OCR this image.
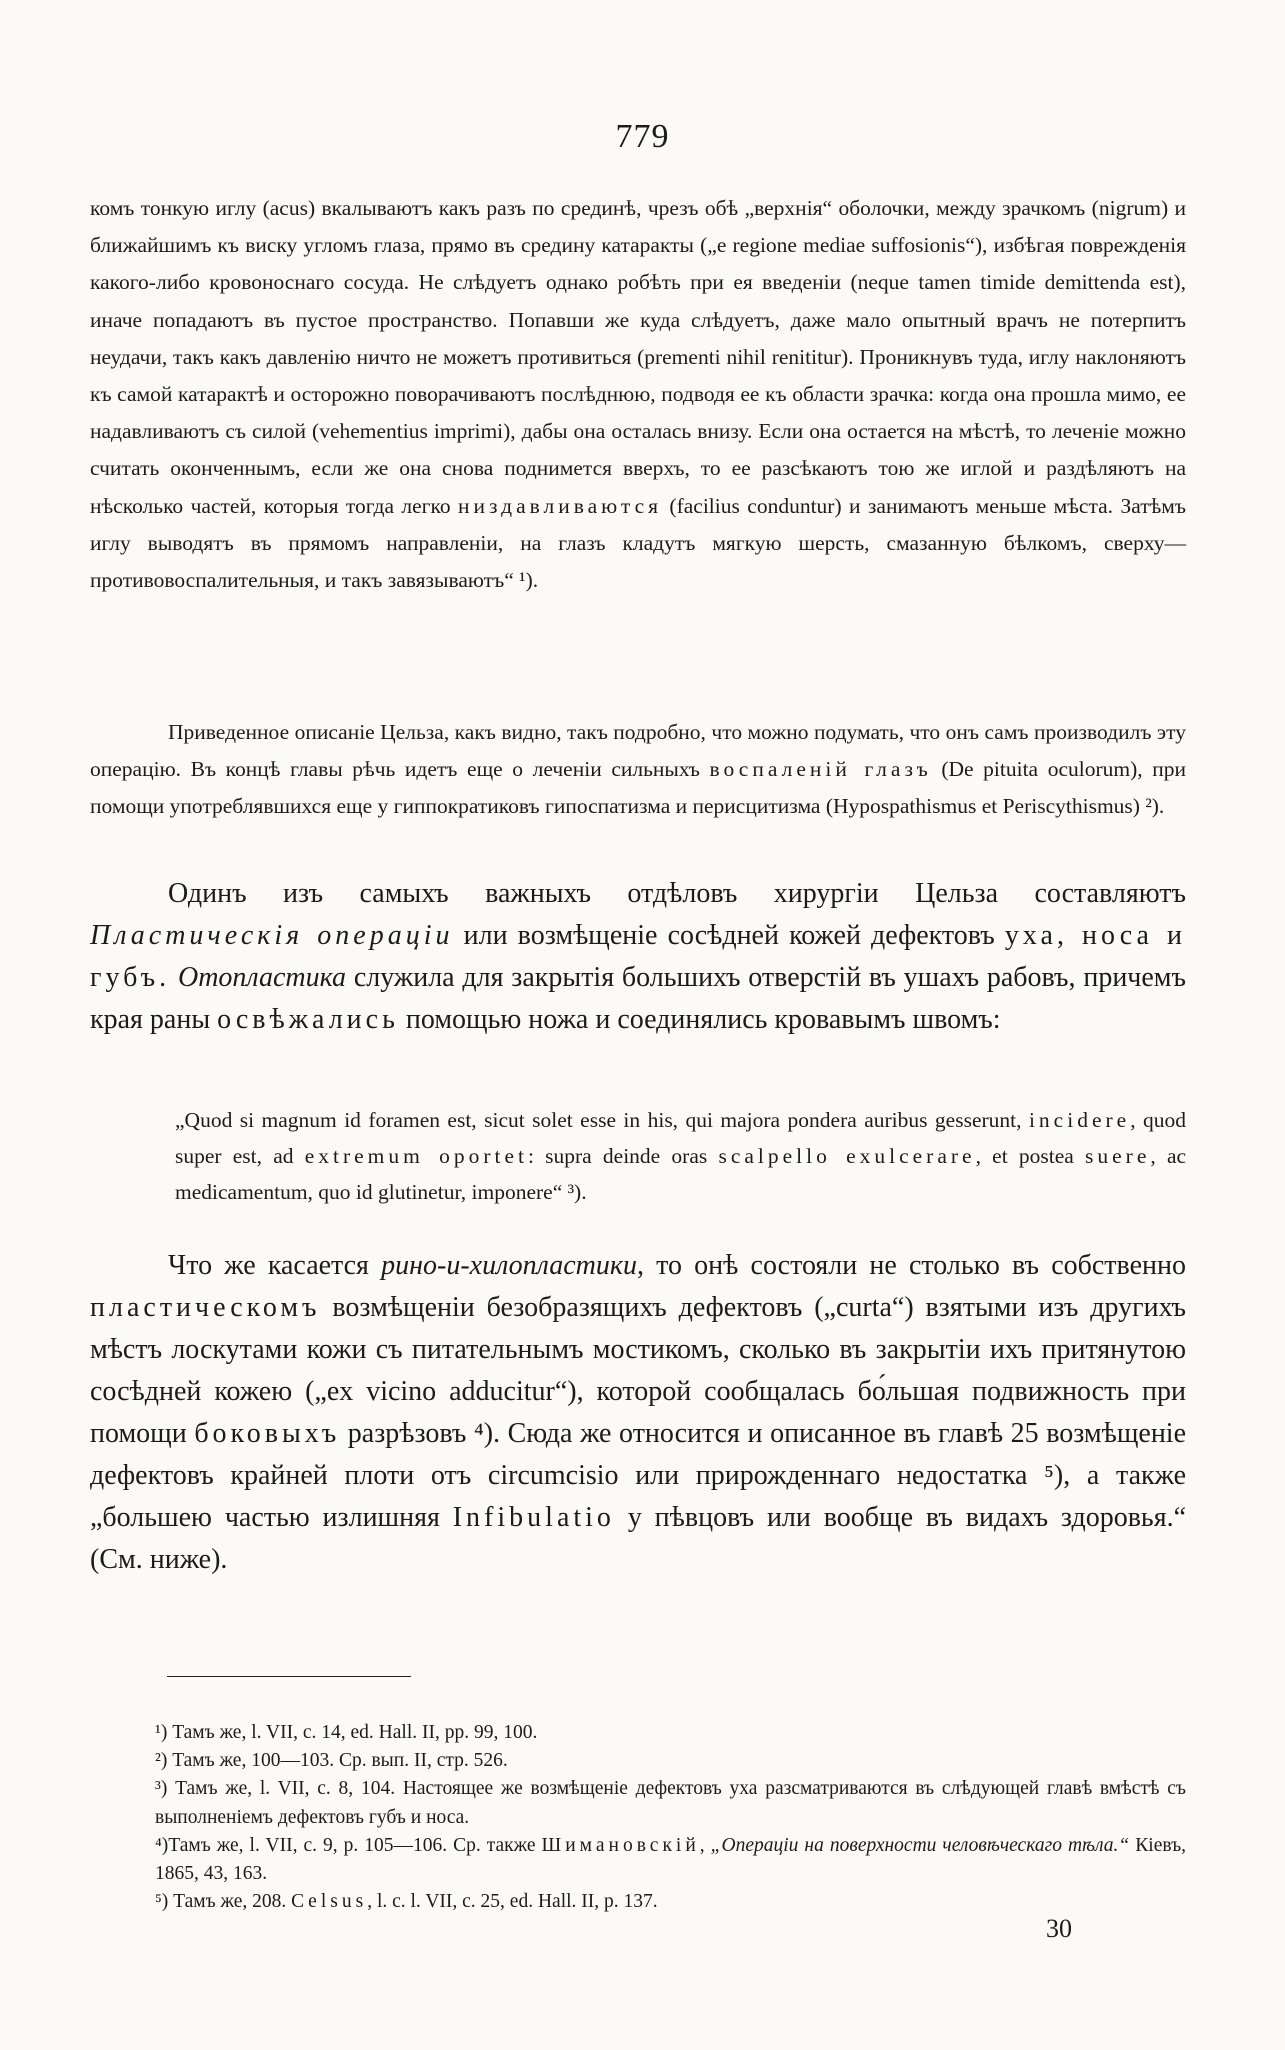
779

комъ тонкую иглу (acus) вкалываютъ какъ разъ по срединѣ, чрезъ обѣ „верхнія“ оболочки, между зрачкомъ (nigrum) и ближайшимъ къ виску угломъ глаза, прямо въ средину катаракты („e regione mediae suffosionis“), избѣгая поврежденія какого-либо кровоноснаго сосуда. Не слѣдуетъ однако робѣть при ея введеніи (neque tamen timide demittenda est), иначе попадаютъ въ пустое пространство. Попавши же куда слѣдуетъ, даже мало опытный врачъ не потерпитъ неудачи, такъ какъ давленію ничто не можетъ противиться (prementi nihil renititur). Проникнувъ туда, иглу наклоняютъ къ самой катарактѣ и осторожно поворачиваютъ послѣднюю, подводя ее къ области зрачка: когда она прошла мимо, ее надавливаютъ съ силой (vehementius imprimi), дабы она осталась внизу. Если она остается на мѣстѣ, то леченіе можно считать оконченнымъ, если же она снова поднимется вверхъ, то ее разсѣкаютъ тою же иглой и раздѣляютъ на нѣсколько частей, которыя тогда легко низдавливаются (facilius conduntur) и занимаютъ меньше мѣста. Затѣмъ иглу выводятъ въ прямомъ направленіи, на глазъ кладутъ мягкую шерсть, смазанную бѣлкомъ, сверху—противовоспалительныя, и такъ завязываютъ“ ¹).

Приведенное описаніе Цельза, какъ видно, такъ подробно, что можно подумать, что онъ самъ производилъ эту операцію. Въ концѣ главы рѣчь идетъ еще о леченіи сильныхъ воспаленій глазъ (De pituita oculorum), при помощи употреблявшихся еще у гиппократиковъ гипоспатизма и перисцитизма (Hypospathismus et Periscythismus) ²).

Одинъ изъ самыхъ важныхъ отдѣловъ хирургіи Цельза составляютъ Пластическія операціи или возмѣщеніе сосѣдней кожей дефектовъ уха, носа и губъ. Отопластика служила для закрытія большихъ отверстій въ ушахъ рабовъ, причемъ края раны освѣжались помощью ножа и соединялись кровавымъ швомъ:

„Quod si magnum id foramen est, sicut solet esse in his, qui majora pondera auribus gesserunt, incidere, quod super est, ad extremum oportet: supra deinde oras scalpello exulcerare, et postea suere, ac medicamentum, quo id glutinetur, imponere“ ³).

Что же касается рино-и-хилопластики, то онѣ состояли не столько въ собственно пластическомъ возмѣщеніи безобразящихъ дефектовъ („curta“) взятыми изъ другихъ мѣстъ лоскутами кожи съ питательнымъ мостикомъ, сколько въ закрытіи ихъ притянутою сосѣдней кожею („ex vicino adducitur“), которой сообщалась бо́льшая подвижность при помощи боковыхъ разрѣзовъ ⁴). Сюда же относится и описанное въ главѣ 25 возмѣщеніе дефектовъ крайней плоти отъ circumcisio или прирожденнаго недостатка ⁵), а также „большею частью излишняя Infibulatio у пѣвцовъ или вообще въ видахъ здоровья.“ (См. ниже).

¹) Тамъ же, l. VII, c. 14, ed. Hall. II, pp. 99, 100.

²) Тамъ же, 100—103. Ср. вып. II, стр. 526.

³) Тамъ же, l. VII, c. 8, 104. Настоящее же возмѣщеніе дефектовъ уха разсматриваются въ слѣдующей главѣ вмѣстѣ съ выполненіемъ дефектовъ губъ и носа.

⁴)Тамъ же, l. VII, c. 9, p. 105—106. Ср. также Шимановскій, „Операціи на поверхности человѣческаго тѣла.“ Кіевъ, 1865, 43, 163.

⁵) Тамъ же, 208. Celsus, l. c. l. VII, c. 25, ed. Hall. II, p. 137.

30
